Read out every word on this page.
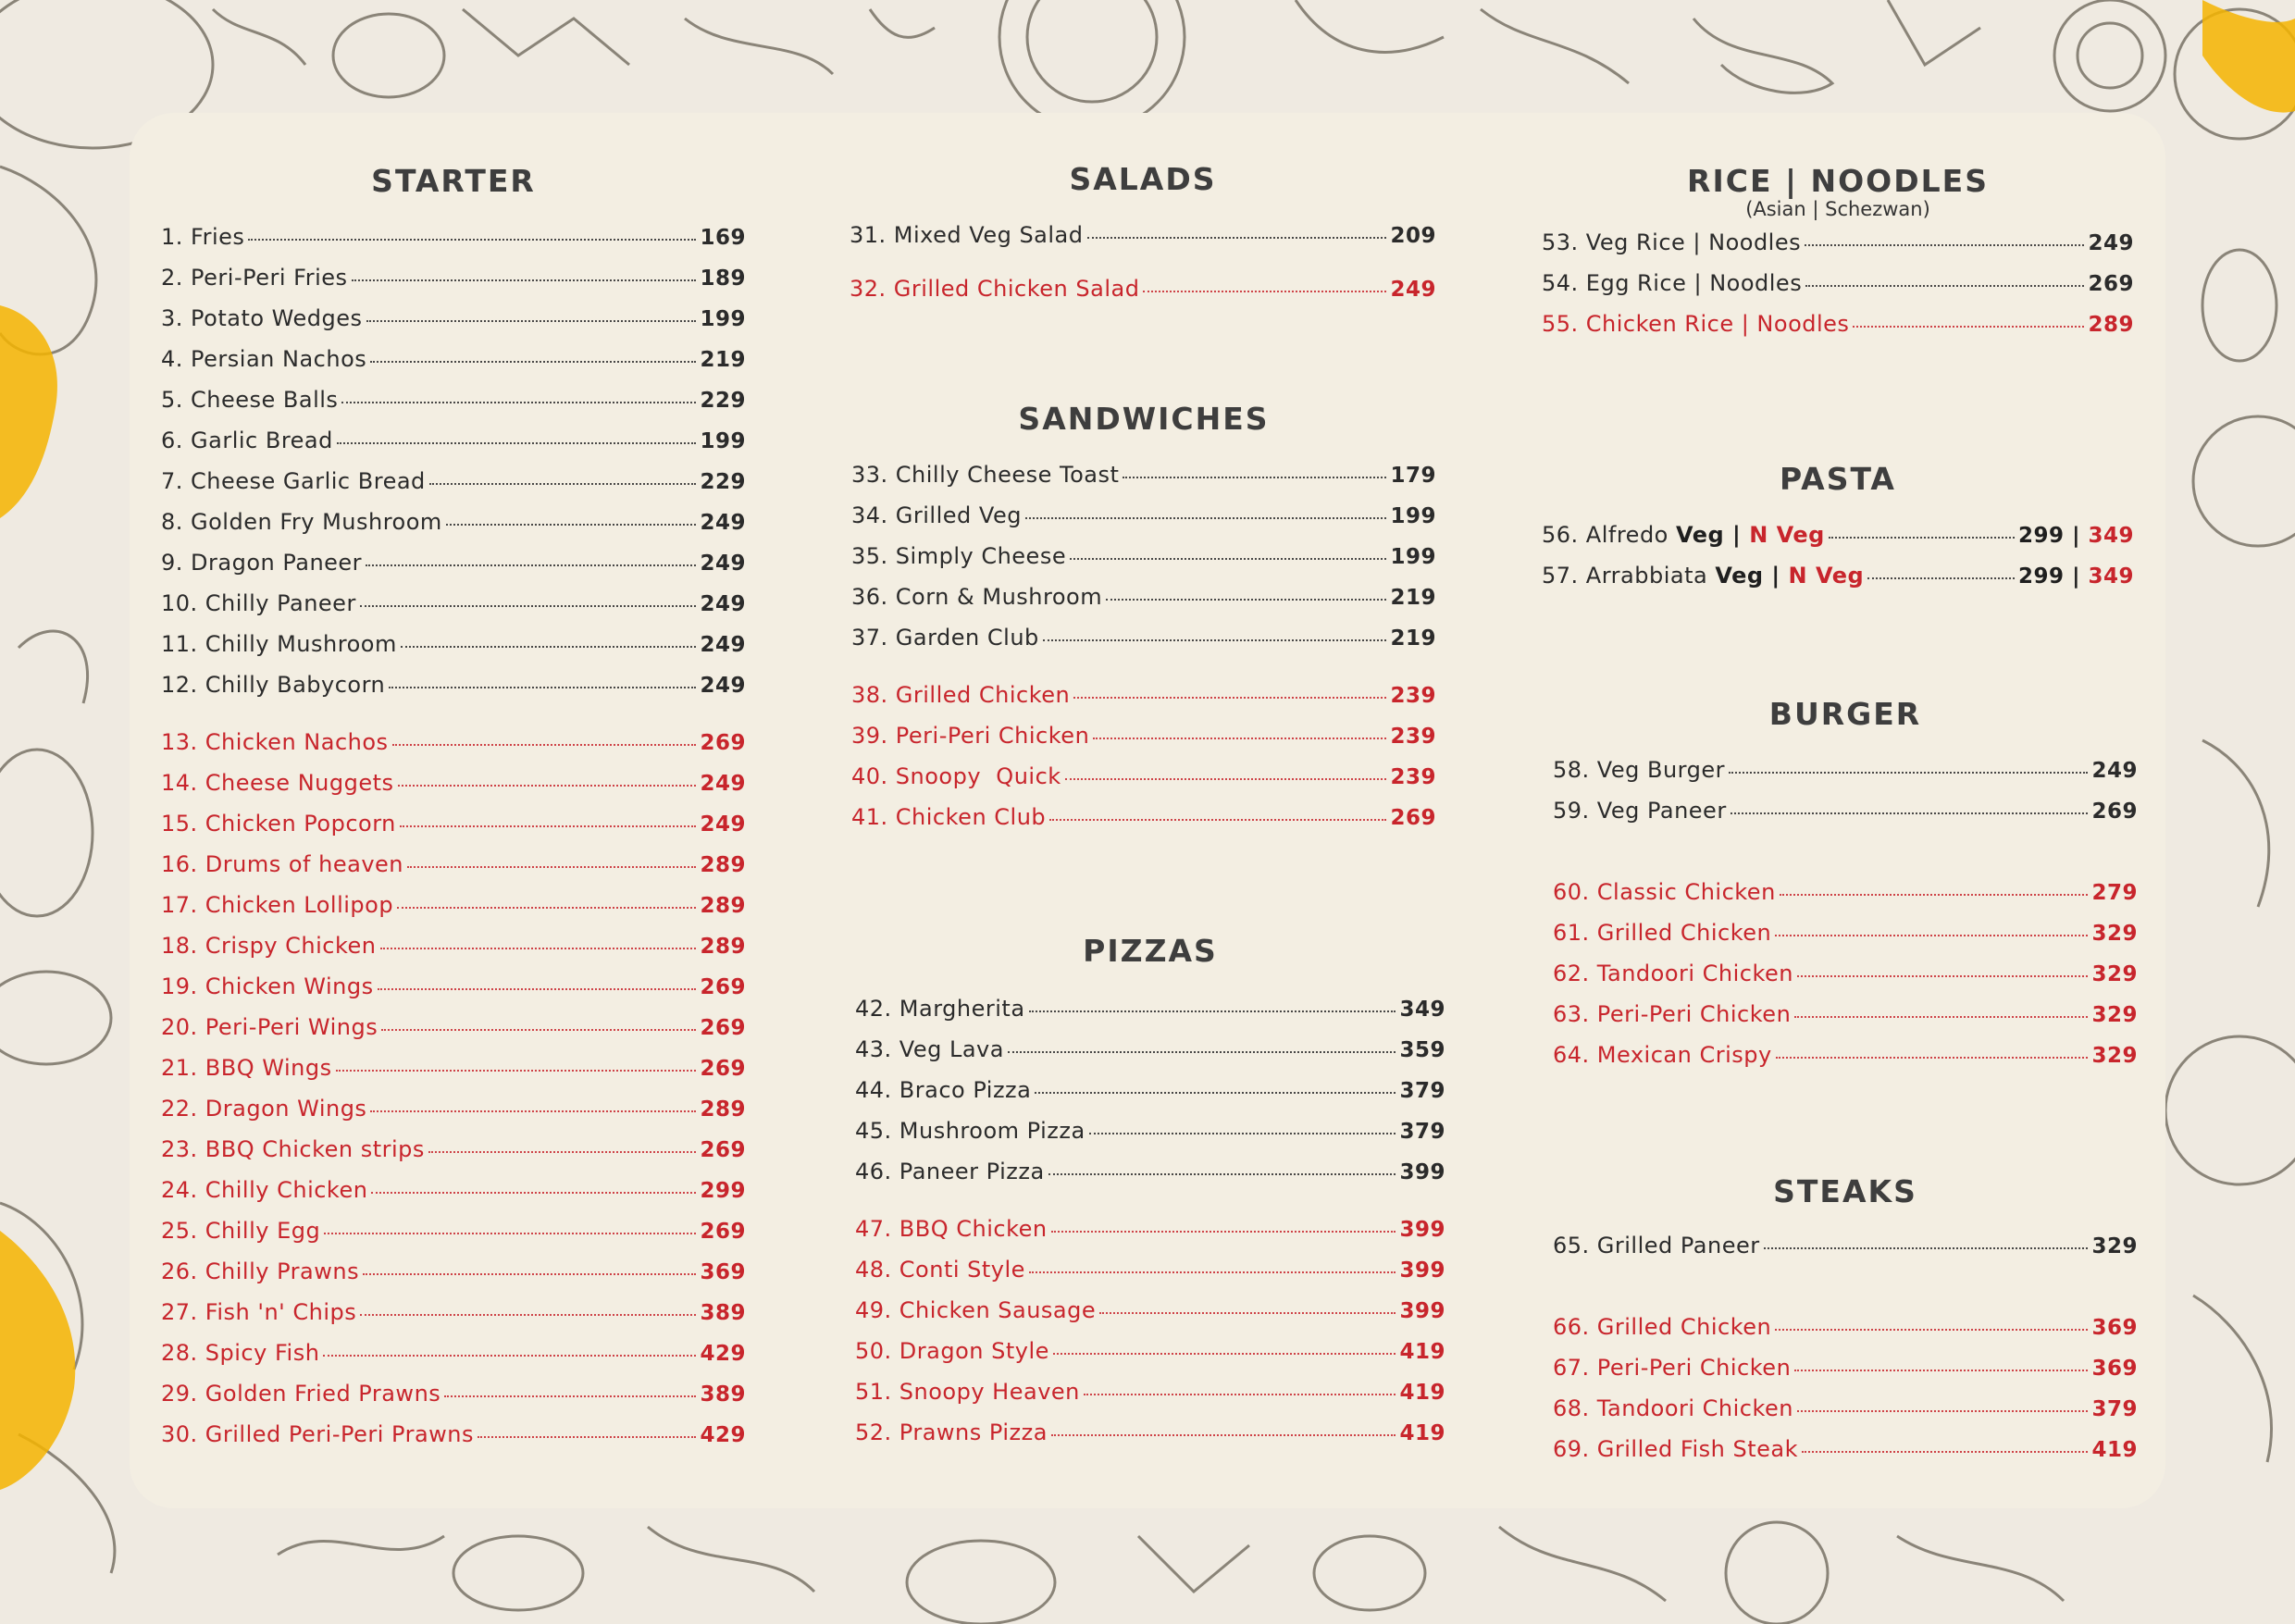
STARTER
1. Fries	169
2. Peri-Peri Fries	189
3. Potato Wedges	199
4. Persian Nachos	219
5. Cheese Balls	229
6. Garlic Bread	199
7. Cheese Garlic Bread	229
8. Golden Fry Mushroom	249
9. Dragon Paneer	249
10. Chilly Paneer	249
11. Chilly Mushroom	249
12. Chilly Babycorn	249
13. Chicken Nachos	269
14. Cheese Nuggets	249
15. Chicken Popcorn	249
16. Drums of heaven	289
17. Chicken Lollipop	289
18. Crispy Chicken	289
19. Chicken Wings	269
20. Peri-Peri Wings	269
21. BBQ Wings	269
22. Dragon Wings	289
23. BBQ Chicken strips	269
24. Chilly Chicken	299
25. Chilly Egg	269
26. Chilly Prawns	369
27. Fish 'n' Chips	389
28. Spicy Fish	429
29. Golden Fried Prawns	389
30. Grilled Peri-Peri Prawns	429
SALADS
31. Mixed Veg Salad	209
32. Grilled Chicken Salad	249
SANDWICHES
33. Chilly Cheese Toast	179
34. Grilled Veg	199
35. Simply Cheese	199
36. Corn & Mushroom	219
37. Garden Club	219
38. Grilled Chicken	239
39. Peri-Peri Chicken	239
40. Snoopy  Quick	239
41. Chicken Club	269
PIZZAS
42. Margherita	349
43. Veg Lava	359
44. Braco Pizza	379
45. Mushroom Pizza	379
46. Paneer Pizza	399
47. BBQ Chicken	399
48. Conti Style	399
49. Chicken Sausage	399
50. Dragon Style	419
51. Snoopy Heaven	419
52. Prawns Pizza	419
RICE | NOODLES
(Asian | Schezwan)
53. Veg Rice | Noodles	249
54. Egg Rice | Noodles	269
55. Chicken Rice | Noodles	289
PASTA
56. Alfredo Veg | N Veg	299 | 349
57. Arrabbiata Veg | N Veg	299 | 349
BURGER
58. Veg Burger	249
59. Veg Paneer	269
60. Classic Chicken	279
61. Grilled Chicken	329
62. Tandoori Chicken	329
63. Peri-Peri Chicken	329
64. Mexican Crispy	329
STEAKS
65. Grilled Paneer	329
66. Grilled Chicken	369
67. Peri-Peri Chicken	369
68. Tandoori Chicken	379
69. Grilled Fish Steak	419
